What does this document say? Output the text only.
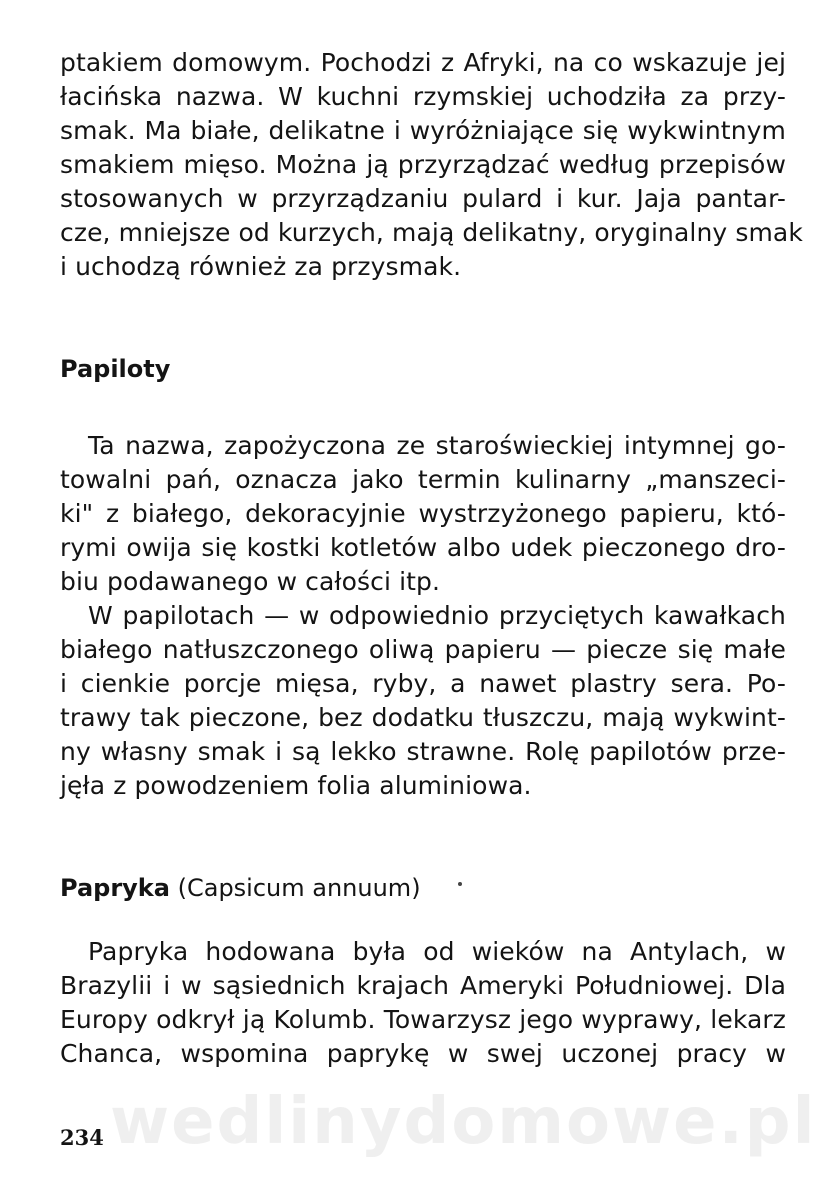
wedlinydomowe.pl
ptakiem domowym. Pochodzi z Afryki, na co wskazuje jej
łacińska nazwa. W kuchni rzymskiej uchodziła za przy-
smak. Ma białe, delikatne i wyróżniające się wykwintnym
smakiem mięso. Można ją przyrządzać według przepisów
stosowanych w przyrządzaniu pulard i kur. Jaja pantar-
cze, mniejsze od kurzych, mają delikatny, oryginalny smak
i uchodzą również za przysmak.
Papiloty
Ta nazwa, zapożyczona ze staroświeckiej intymnej go-
towalni pań, oznacza jako termin kulinarny „manszeci-
ki" z białego, dekoracyjnie wystrzyżonego papieru, któ-
rymi owija się kostki kotletów albo udek pieczonego dro-
biu podawanego w całości itp.
W papilotach — w odpowiednio przyciętych kawałkach
białego natłuszczonego oliwą papieru — piecze się małe
i cienkie porcje mięsa, ryby, a nawet plastry sera. Po-
trawy tak pieczone, bez dodatku tłuszczu, mają wykwint-
ny własny smak i są lekko strawne. Rolę papilotów prze-
jęła z powodzeniem folia aluminiowa.
Papryka (Capsicum annuum)
Papryka hodowana była od wieków na Antylach, w
Brazylii i w sąsiednich krajach Ameryki Południowej. Dla
Europy odkrył ją Kolumb. Towarzysz jego wyprawy, lekarz
Chanca, wspomina paprykę w swej uczonej pracy w
234
